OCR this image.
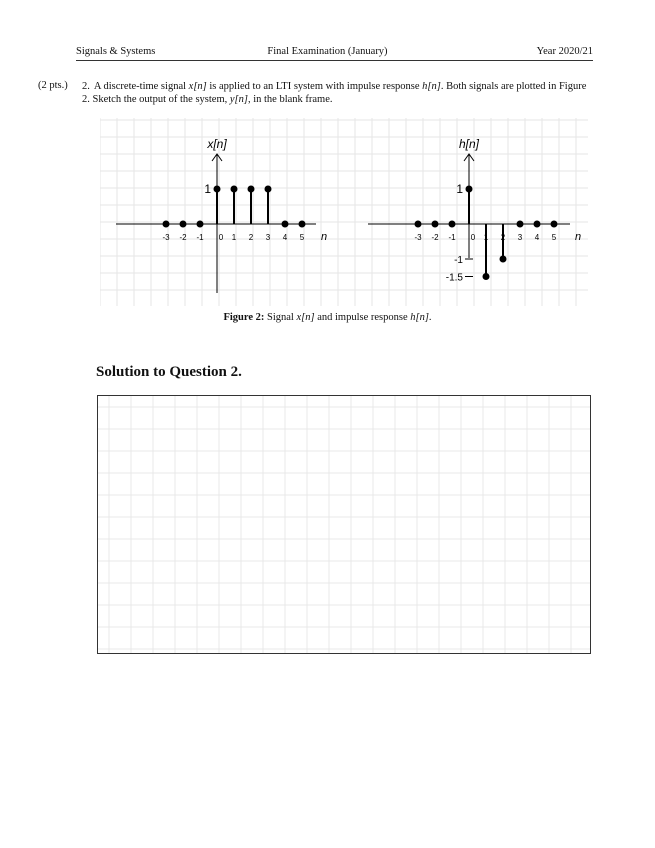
Signals & Systems	Final Examination (January)	Year 2020/21
(2 pts.) 2. A discrete-time signal x[n] is applied to an LTI system with impulse response h[n]. Both signals are plotted in Figure 2. Sketch the output of the system, y[n], in the blank frame.
x[n]
n
-3 -2 -1 0 1 2 3 4 5
1
h[n]
n
-3 -2 -1 0 1 2 3 4 5
1
-1
-1.5
Figure 2: Signal x[n] and impulse response h[n].
Solution to Question 2.
